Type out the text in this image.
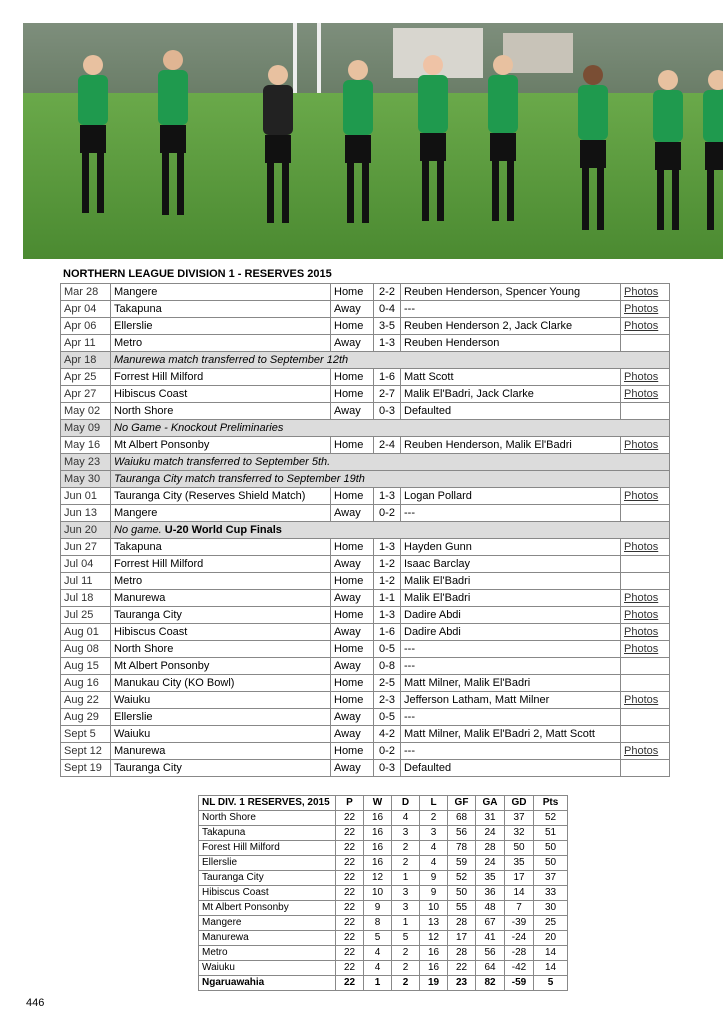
NORTHERN LEAGUE DIVISION 1 - RESERVES 2015
Mar 28	Mangere	Home	2-2	Reuben Henderson, Spencer Young	Photos
Apr 04	Takapuna	Away	0-4	---	Photos
Apr 06	Ellerslie	Home	3-5	Reuben Henderson 2, Jack Clarke	Photos
Apr 11	Metro	Away	1-3	Reuben Henderson	
Apr 18	Manurewa match transferred to September 12th				
Apr 25	Forrest Hill Milford	Home	1-6	Matt Scott	Photos
Apr 27	Hibiscus Coast	Home	2-7	Malik El'Badri, Jack Clarke	Photos
May 02	North Shore	Away	0-3	Defaulted	
May 09	No Game - Knockout Preliminaries				
May 16	Mt Albert Ponsonby	Home	2-4	Reuben Henderson, Malik El'Badri	Photos
May 23	Waiuku match transferred to September 5th.				
May 30	Tauranga City match transferred to September 19th				
Jun 01	Tauranga City (Reserves Shield Match)	Home	1-3	Logan Pollard	Photos
Jun 13	Mangere	Away	0-2	---	
Jun 20	No game. U-20 World Cup Finals				
Jun 27	Takapuna	Home	1-3	Hayden Gunn	Photos
Jul 04	Forrest Hill Milford	Away	1-2	Isaac Barclay	
Jul 11	Metro	Home	1-2	Malik El'Badri	
Jul 18	Manurewa	Away	1-1	Malik El'Badri	Photos
Jul 25	Tauranga City	Home	1-3	Dadire Abdi	Photos
Aug 01	Hibiscus Coast	Away	1-6	Dadire Abdi	Photos
Aug 08	North Shore	Home	0-5	---	Photos
Aug 15	Mt Albert Ponsonby	Away	0-8	---	
Aug 16	Manukau City (KO Bowl)	Home	2-5	Matt Milner, Malik El'Badri	
Aug 22	Waiuku	Home	2-3	Jefferson Latham, Matt Milner	Photos
Aug 29	Ellerslie	Away	0-5	---	
Sept 5	Waiuku	Away	4-2	Matt Milner, Malik El'Badri 2, Matt Scott	
Sept 12	Manurewa	Home	0-2	---	Photos
Sept 19	Tauranga City	Away	0-3	Defaulted	
NL DIV. 1 RESERVES, 2015	P	W	D	L	GF	GA	GD	Pts
North Shore	22	16	4	2	68	31	37	52
Takapuna	22	16	3	3	56	24	32	51
Forest Hill Milford	22	16	2	4	78	28	50	50
Ellerslie	22	16	2	4	59	24	35	50
Tauranga City	22	12	1	9	52	35	17	37
Hibiscus Coast	22	10	3	9	50	36	14	33
Mt Albert Ponsonby	22	9	3	10	55	48	7	30
Mangere	22	8	1	13	28	67	-39	25
Manurewa	22	5	5	12	17	41	-24	20
Metro	22	4	2	16	28	56	-28	14
Waiuku	22	4	2	16	22	64	-42	14
Ngaruawahia	22	1	2	19	23	82	-59	5
446
